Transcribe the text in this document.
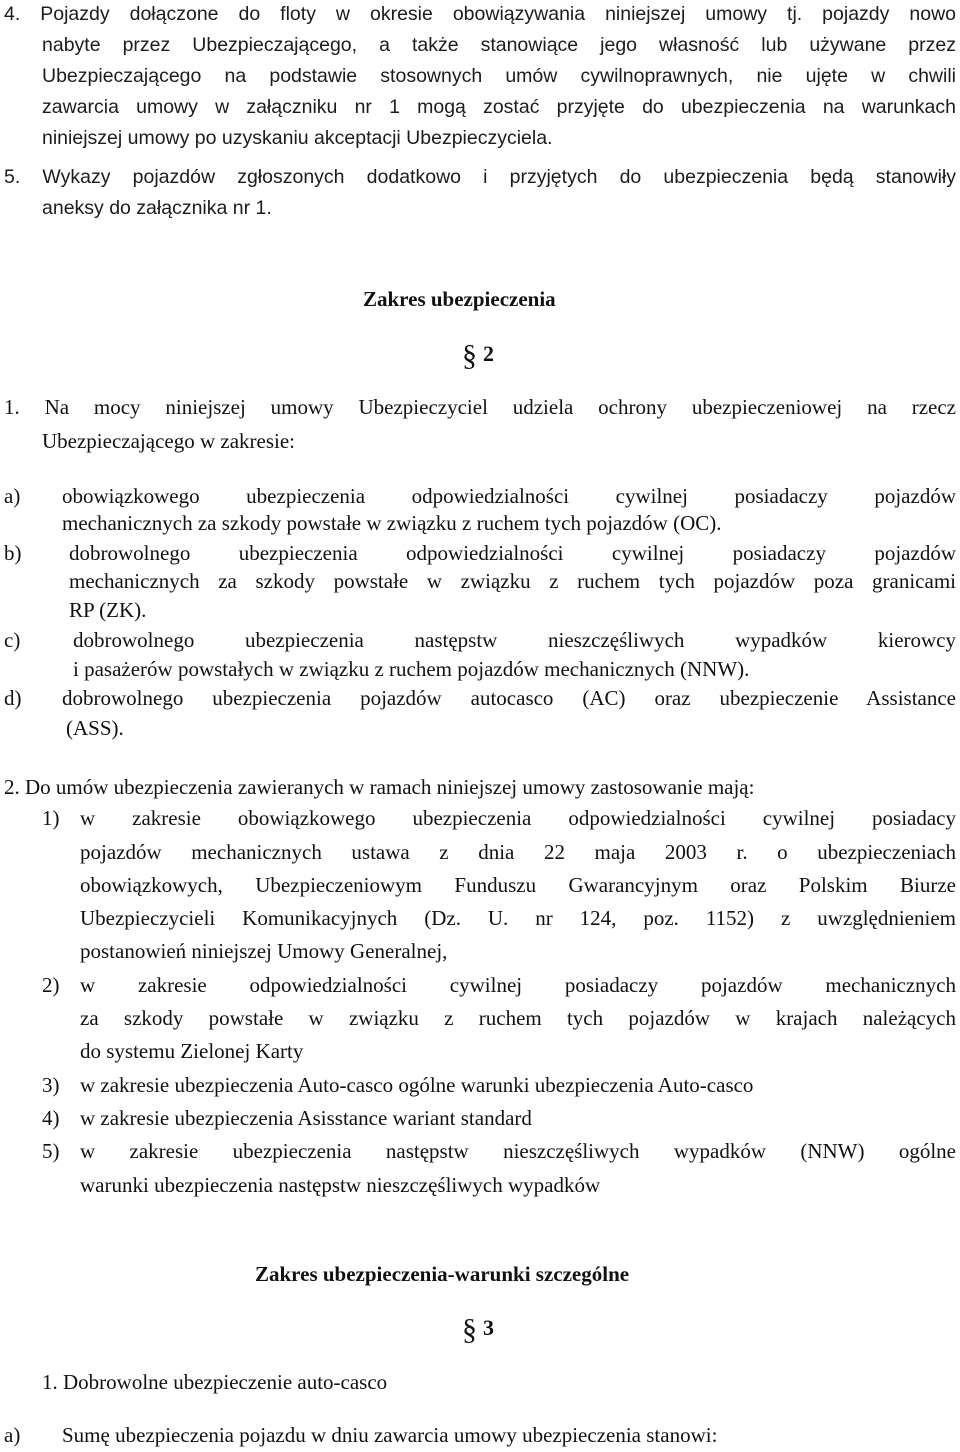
4. Pojazdy dołączone do floty w okresie obowiązywania niniejszej umowy tj. pojazdy nowo
nabyte przez Ubezpieczającego, a także stanowiące jego własność lub używane przez
Ubezpieczającego na podstawie stosownych umów cywilnoprawnych, nie ujęte w chwili
zawarcia umowy w załączniku nr 1 mogą zostać przyjęte do ubezpieczenia na warunkach
niniejszej umowy po uzyskaniu akceptacji Ubezpieczyciela.
5. Wykazy pojazdów zgłoszonych dodatkowo i przyjętych do ubezpieczenia będą stanowiły
aneksy do załącznika nr 1.
Zakres ubezpieczenia
§ 2
1. Na mocy niniejszej umowy Ubezpieczyciel udziela ochrony ubezpieczeniowej na rzecz
Ubezpieczającego w zakresie:
a) obowiązkowego ubezpieczenia odpowiedzialności cywilnej posiadaczy pojazdów
mechanicznych za szkody powstałe w związku z ruchem tych pojazdów (OC).
b) dobrowolnego ubezpieczenia odpowiedzialności cywilnej posiadaczy pojazdów
mechanicznych za szkody powstałe w związku z ruchem tych pojazdów poza granicami
RP (ZK).
c)	dobrowolnego ubezpieczenia następstw nieszczęśliwych wypadków kierowcy
i pasażerów powstałych w związku z ruchem pojazdów mechanicznych (NNW).
d) dobrowolnego ubezpieczenia pojazdów autocasco (AC) oraz ubezpieczenie Assistance
(ASS).
2. Do umów ubezpieczenia zawieranych w ramach niniejszej umowy zastosowanie mają:
1) w zakresie obowiązkowego ubezpieczenia odpowiedzialności cywilnej posiadacy
pojazdów mechanicznych ustawa z dnia 22 maja 2003 r. o ubezpieczeniach
obowiązkowych, Ubezpieczeniowym Funduszu Gwarancyjnym oraz Polskim Biurze
Ubezpieczycieli Komunikacyjnych (Dz. U. nr 124, poz. 1152) z uwzględnieniem
postanowień niniejszej Umowy Generalnej,
2) w zakresie odpowiedzialności cywilnej posiadaczy pojazdów mechanicznych
za szkody powstałe w związku z ruchem tych pojazdów w krajach należących
do systemu Zielonej Karty
3) w zakresie ubezpieczenia Auto-casco ogólne warunki ubezpieczenia Auto-casco
4) w zakresie ubezpieczenia Asisstance wariant standard
5) w zakresie ubezpieczenia następstw nieszczęśliwych wypadków (NNW) ogólne
warunki ubezpieczenia następstw nieszczęśliwych wypadków
Zakres ubezpieczenia-warunki szczególne
§ 3
1. Dobrowolne ubezpieczenie auto-casco
a) Sumę ubezpieczenia pojazdu w dniu zawarcia umowy ubezpieczenia stanowi:
